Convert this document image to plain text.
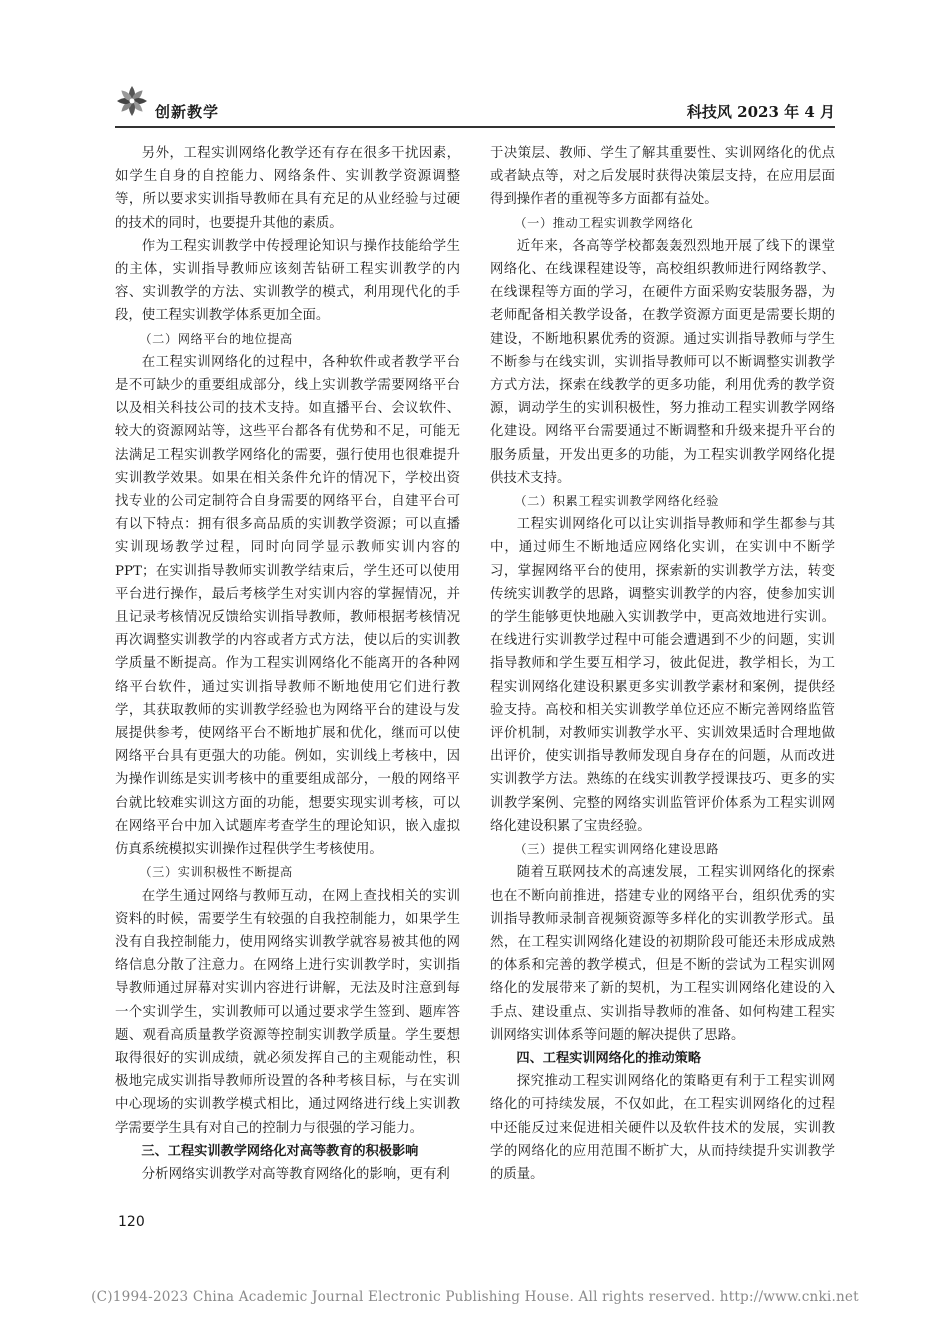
创新教学	科技风 2023 年 4 月

另外，工程实训网络化教学还有存在很多干扰因素，如学生自身的自控能力、网络条件、实训教学资源调整等，所以要求实训指导教师在具有充足的从业经验与过硬的技术的同时，也要提升其他的素质。

作为工程实训教学中传授理论知识与操作技能给学生的主体，实训指导教师应该刻苦钻研工程实训教学的内容、实训教学的方法、实训教学的模式，利用现代化的手段，使工程实训教学体系更加全面。

（二）网络平台的地位提高

在工程实训网络化的过程中，各种软件或者教学平台是不可缺少的重要组成部分，线上实训教学需要网络平台以及相关科技公司的技术支持。如直播平台、会议软件、较大的资源网站等，这些平台都各有优势和不足，可能无法满足工程实训教学网络化的需要，强行使用也很难提升实训教学效果。如果在相关条件允许的情况下，学校出资找专业的公司定制符合自身需要的网络平台，自建平台可有以下特点：拥有很多高品质的实训教学资源；可以直播实训现场教学过程，同时向同学显示教师实训内容的PPT；在实训指导教师实训教学结束后，学生还可以使用平台进行操作，最后考核学生对实训内容的掌握情况，并且记录考核情况反馈给实训指导教师，教师根据考核情况再次调整实训教学的内容或者方式方法，使以后的实训教学质量不断提高。作为工程实训网络化不能离开的各种网络平台软件，通过实训指导教师不断地使用它们进行教学，其获取教师的实训教学经验也为网络平台的建设与发展提供参考，使网络平台不断地扩展和优化，继而可以使网络平台具有更强大的功能。例如，实训线上考核中，因为操作训练是实训考核中的重要组成部分，一般的网络平台就比较难实训这方面的功能，想要实现实训考核，可以在网络平台中加入试题库考查学生的理论知识，嵌入虚拟仿真系统模拟实训操作过程供学生考核使用。

（三）实训积极性不断提高

在学生通过网络与教师互动，在网上查找相关的实训资料的时候，需要学生有较强的自我控制能力，如果学生没有自我控制能力，使用网络实训教学就容易被其他的网络信息分散了注意力。在网络上进行实训教学时，实训指导教师通过屏幕对实训内容进行讲解，无法及时注意到每一个实训学生，实训教师可以通过要求学生签到、题库答题、观看高质量教学资源等控制实训教学质量。学生要想取得很好的实训成绩，就必须发挥自己的主观能动性，积极地完成实训指导教师所设置的各种考核目标，与在实训中心现场的实训教学模式相比，通过网络进行线上实训教学需要学生具有对自己的控制力与很强的学习能力。

三、工程实训教学网络化对高等教育的积极影响

分析网络实训教学对高等教育网络化的影响，更有利

于决策层、教师、学生了解其重要性、实训网络化的优点或者缺点等，对之后发展时获得决策层支持，在应用层面得到操作者的重视等多方面都有益处。

（一）推动工程实训教学网络化

近年来，各高等学校都轰轰烈烈地开展了线下的课堂网络化、在线课程建设等，高校组织教师进行网络教学、在线课程等方面的学习，在硬件方面采购安装服务器，为老师配备相关教学设备，在教学资源方面更是需要长期的建设，不断地积累优秀的资源。通过实训指导教师与学生不断参与在线实训，实训指导教师可以不断调整实训教学方式方法，探索在线教学的更多功能，利用优秀的教学资源，调动学生的实训积极性，努力推动工程实训教学网络化建设。网络平台需要通过不断调整和升级来提升平台的服务质量，开发出更多的功能，为工程实训教学网络化提供技术支持。

（二）积累工程实训教学网络化经验

工程实训网络化可以让实训指导教师和学生都参与其中，通过师生不断地适应网络化实训，在实训中不断学习，掌握网络平台的使用，探索新的实训教学方法，转变传统实训教学的思路，调整实训教学的内容，使参加实训的学生能够更快地融入实训教学中，更高效地进行实训。在线进行实训教学过程中可能会遭遇到不少的问题，实训指导教师和学生要互相学习，彼此促进，教学相长，为工程实训网络化建设积累更多实训教学素材和案例，提供经验支持。高校和相关实训教学单位还应不断完善网络监管评价机制，对教师实训教学水平、实训效果适时合理地做出评价，使实训指导教师发现自身存在的问题，从而改进实训教学方法。熟练的在线实训教学授课技巧、更多的实训教学案例、完整的网络实训监管评价体系为工程实训网络化建设积累了宝贵经验。

（三）提供工程实训网络化建设思路

随着互联网技术的高速发展，工程实训网络化的探索也在不断向前推进，搭建专业的网络平台，组织优秀的实训指导教师录制音视频资源等多样化的实训教学形式。虽然，在工程实训网络化建设的初期阶段可能还未形成成熟的体系和完善的教学模式，但是不断的尝试为工程实训网络化的发展带来了新的契机，为工程实训网络化建设的入手点、建设重点、实训指导教师的准备、如何构建工程实训网络实训体系等问题的解决提供了思路。

四、工程实训网络化的推动策略

探究推动工程实训网络化的策略更有利于工程实训网络化的可持续发展，不仅如此，在工程实训网络化的过程中还能反过来促进相关硬件以及软件技术的发展，实训教学的网络化的应用范围不断扩大，从而持续提升实训教学的质量。

120
(C)1994-2023 China Academic Journal Electronic Publishing House. All rights reserved. http://www.cnki.net
